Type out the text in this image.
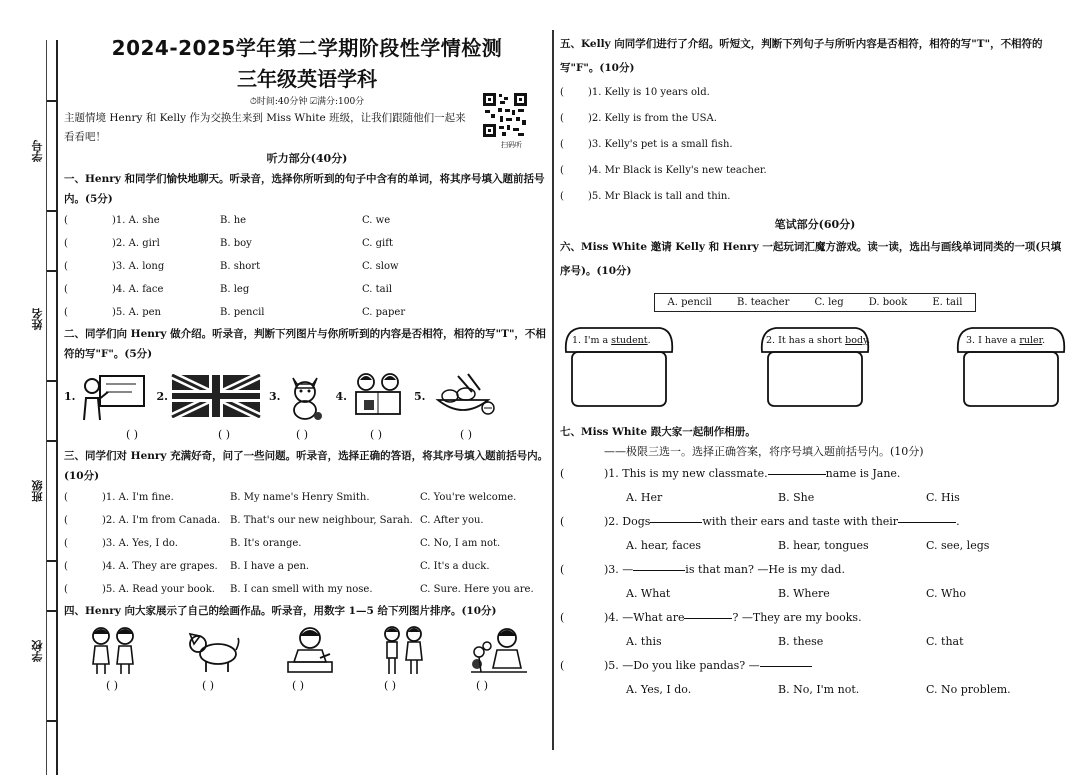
学号
姓名
班级
学校
2024-2025学年第二学期阶段性学情检测
三年级英语学科
⏱时间:40分钟 ☑满分:100分
主题情境 Henry 和 Kelly 作为交换生来到 Miss White 班级，让我们跟随他们一起来看看吧！
扫码听
听力部分(40分)
一、Henry 和同学们愉快地聊天。听录音，选择你所听到的句子中含有的单词，将其序号填入题前括号内。(5分)
(	)1. A. she	B. he	C. we
(	)2. A. girl	B. boy	C. gift
(	)3. A. long	B. short	C. slow
(	)4. A. face	B. leg	C. tail
(	)5. A. pen	B. pencil	C. paper
二、同学们向 Henry 做介绍。听录音，判断下列图片与你所听到的内容是否相符，相符的写"T"，不相符的写"F"。(5分)
1.	2.	3.	4.	5.
( )	( )	( )	( )	( )
三、同学们对 Henry 充满好奇，问了一些问题。听录音，选择正确的答语，将其序号填入题前括号内。(10分)
(	)1. A. I'm fine.	B. My name's Henry Smith.	C. You're welcome.
(	)2. A. I'm from Canada. B. That's our new neighbour, Sarah. C. After you.
(	)3. A. Yes, I do.	B. It's orange.	C. No, I am not.
(	)4. A. They are grapes.	B. I have a pen.	C. It's a duck.
(	)5. A. Read your book.	B. I can smell with my nose.	C. Sure. Here you are.
四、Henry 向大家展示了自己的绘画作品。听录音，用数字 1—5 给下列图片排序。(10分)
( )	( )	( )	( )	( )
五、Kelly 向同学们进行了介绍。听短文，判断下列句子与所听内容是否相符，相符的写"T"，不相符的写"F"。(10分)
(	)1. Kelly is 10 years old.
(	)2. Kelly is from the USA.
(	)3. Kelly's pet is a small fish.
(	)4. Mr Black is Kelly's new teacher.
(	)5. Mr Black is tall and thin.
笔试部分(60分)
六、Miss White 邀请 Kelly 和 Henry 一起玩词汇魔方游戏。读一读，选出与画线单词同类的一项(只填序号)。(10分)
A. pencil	B. teacher	C. leg	D. book	E. tail
1. I'm a student.	2. It has a short body.	3. I have a ruler.
七、Miss White 跟大家一起制作相册。
——极限三选一。选择正确答案，将序号填入题前括号内。(10分)
(	)1. This is my new classmate.	name is Jane.
A. Her	B. She	C. His
(	)2. Dogs	with their ears and taste with their	.
A. hear, faces	B. hear, tongues	C. see, legs
(	)3. —	is that man? —He is my dad.
A. What	B. Where	C. Who
(	)4. —What are	? —They are my books.
A. this	B. these	C. that
(	)5. —Do you like pandas? —
A. Yes, I do.	B. No, I'm not.	C. No problem.
